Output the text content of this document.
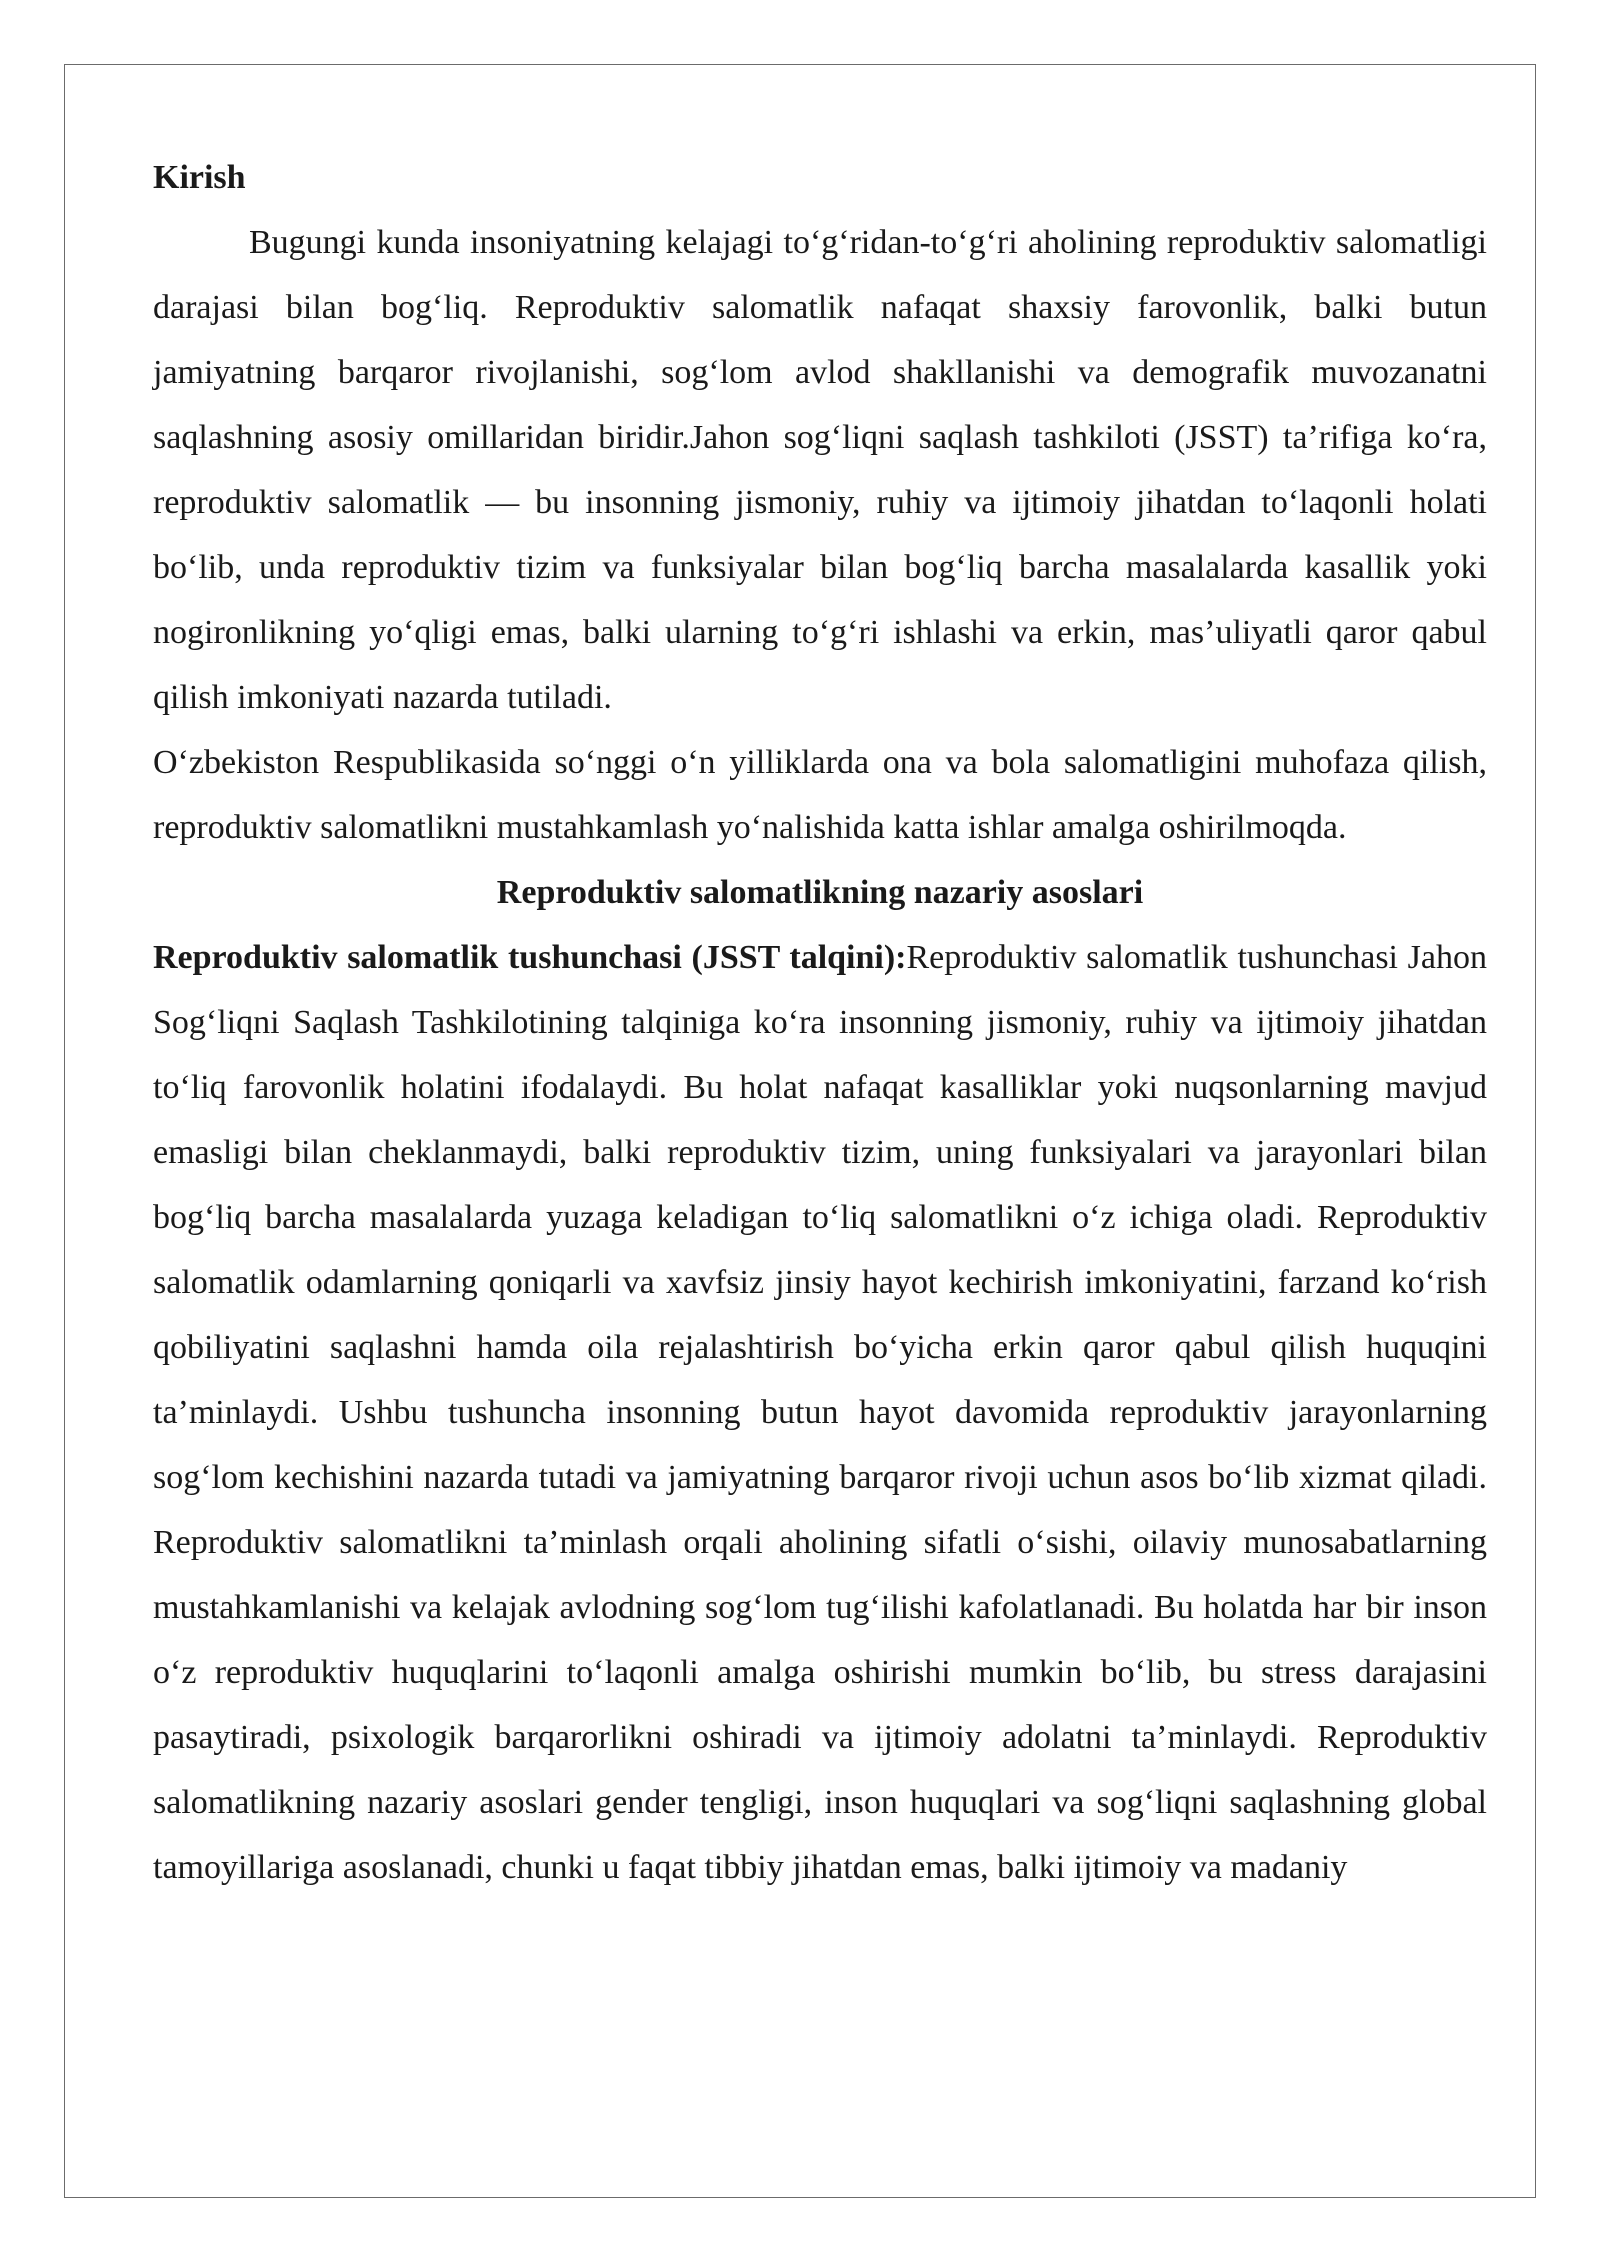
Kirish

Bugungi kunda insoniyatning kelajagi to‘g‘ridan-to‘g‘ri aholining reproduktiv salomatligi darajasi bilan bog‘liq. Reproduktiv salomatlik nafaqat shaxsiy farovonlik, balki butun jamiyatning barqaror rivojlanishi, sog‘lom avlod shakllanishi va demografik muvozanatni saqlashning asosiy omillaridan biridir.Jahon sog‘liqni saqlash tashkiloti (JSST) ta’rifiga ko‘ra, reproduktiv salomatlik — bu insonning jismoniy, ruhiy va ijtimoiy jihatdan to‘laqonli holati bo‘lib, unda reproduktiv tizim va funksiyalar bilan bog‘liq barcha masalalarda kasallik yoki nogironlikning yo‘qligi emas, balki ularning to‘g‘ri ishlashi va erkin, mas’uliyatli qaror qabul qilish imkoniyati nazarda tutiladi.

O‘zbekiston Respublikasida so‘nggi o‘n yilliklarda ona va bola salomatligini muhofaza qilish, reproduktiv salomatlikni mustahkamlash yo‘nalishida katta ishlar amalga oshirilmoqda.

Reproduktiv salomatlikning nazariy asoslari

Reproduktiv salomatlik tushunchasi (JSST talqini):Reproduktiv salomatlik tushunchasi Jahon Sog‘liqni Saqlash Tashkilotining talqiniga ko‘ra insonning jismoniy, ruhiy va ijtimoiy jihatdan to‘liq farovonlik holatini ifodalaydi. Bu holat nafaqat kasalliklar yoki nuqsonlarning mavjud emasligi bilan cheklanmaydi, balki reproduktiv tizim, uning funksiyalari va jarayonlari bilan bog‘liq barcha masalalarda yuzaga keladigan to‘liq salomatlikni o‘z ichiga oladi. Reproduktiv salomatlik odamlarning qoniqarli va xavfsiz jinsiy hayot kechirish imkoniyatini, farzand ko‘rish qobiliyatini saqlashni hamda oila rejalashtirish bo‘yicha erkin qaror qabul qilish huquqini ta’minlaydi. Ushbu tushuncha insonning butun hayot davomida reproduktiv jarayonlarning sog‘lom kechishini nazarda tutadi va jamiyatning barqaror rivoji uchun asos bo‘lib xizmat qiladi. Reproduktiv salomatlikni ta’minlash orqali aholining sifatli o‘sishi, oilaviy munosabatlarning mustahkamlanishi va kelajak avlodning sog‘lom tug‘ilishi kafolatlanadi. Bu holatda har bir inson o‘z reproduktiv huquqlarini to‘laqonli amalga oshirishi mumkin bo‘lib, bu stress darajasini pasaytiradi, psixologik barqarorlikni oshiradi va ijtimoiy adolatni ta’minlaydi. Reproduktiv salomatlikning nazariy asoslari gender tengligi, inson huquqlari va sog‘liqni saqlashning global tamoyillariga asoslanadi, chunki u faqat tibbiy jihatdan emas, balki ijtimoiy va madaniy
